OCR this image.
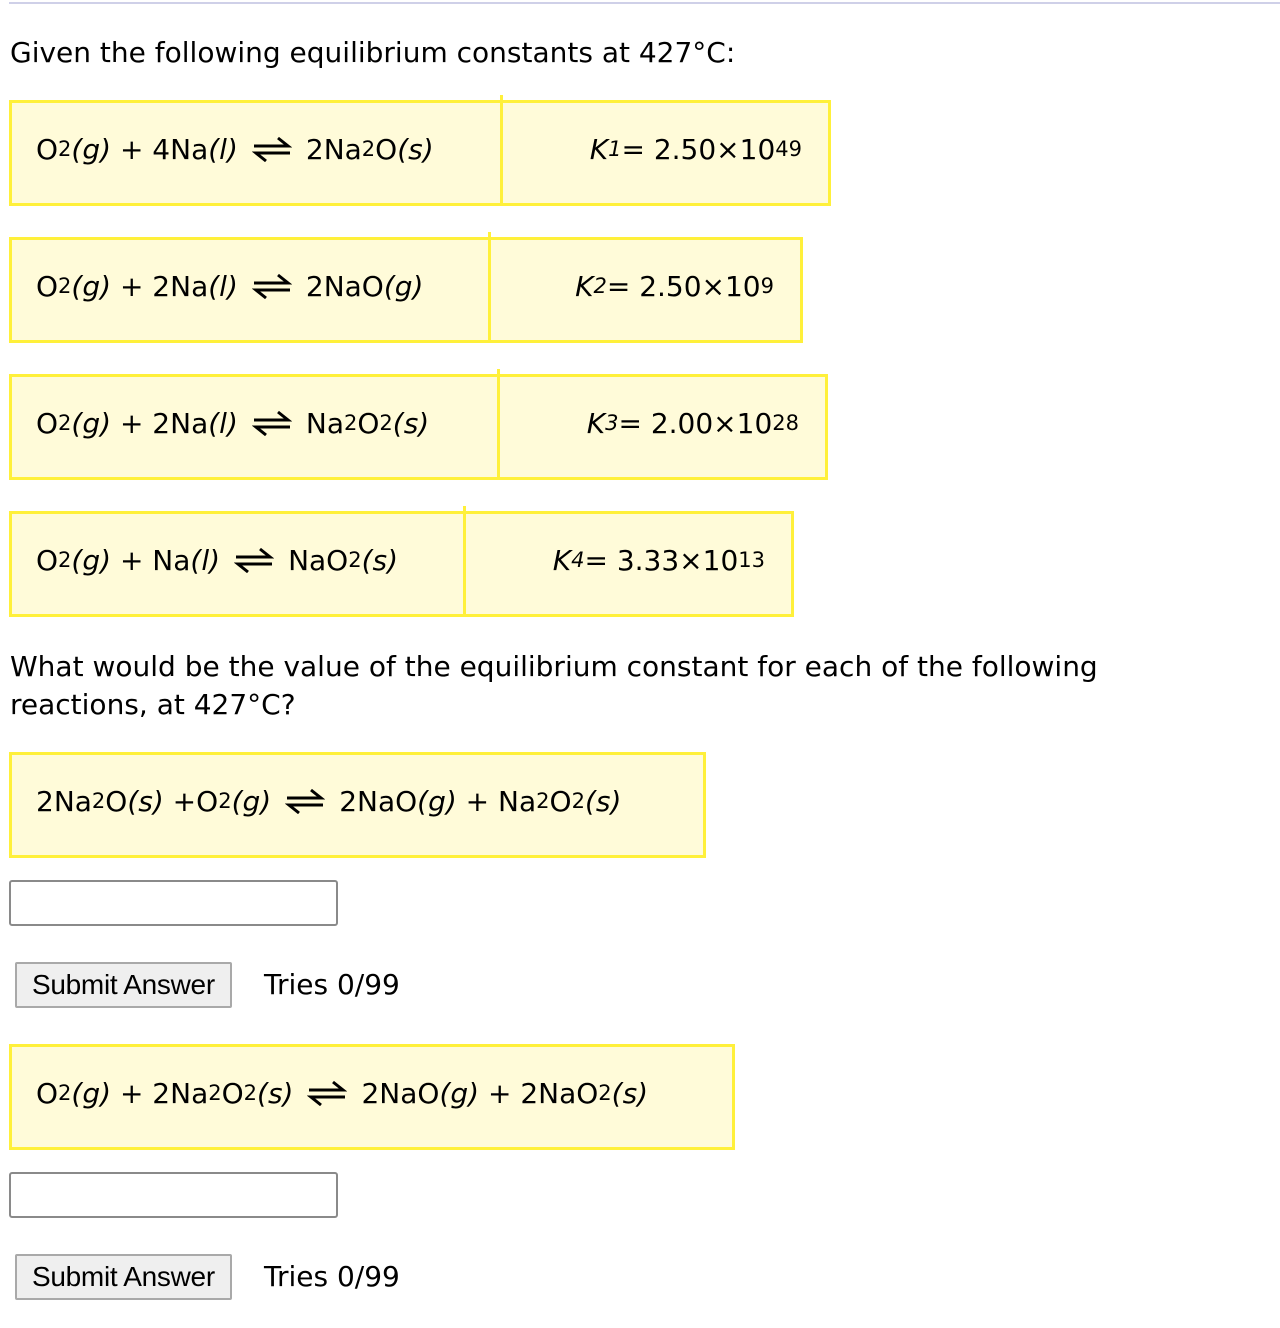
Given the following equilibrium constants at 427°C:
O 2 (g) + 4Na (l) ⇌ 2Na 2 O (s)	K 1 = 2.50×10 49
O 2 (g) + 2Na (l) ⇌ 2NaO (g)	K 2 = 2.50×10 9
O 2 (g) + 2Na (l) ⇌ Na 2 O 2 (s)	K 3 = 2.00×10 28
O 2 (g) + Na (l) ⇌ NaO 2 (s)	K 4 = 3.33×10 13
What would be the value of the equilibrium constant for each of the following reactions, at 427°C?
2Na 2 O (s) +O 2 (g) ⇌ 2NaO (g) + Na 2 O 2 (s)
Submit Answer	Tries 0/99
O 2 (g) + 2Na 2 O 2 (s) ⇌ 2NaO (g) + 2NaO 2 (s)
Submit Answer	Tries 0/99
